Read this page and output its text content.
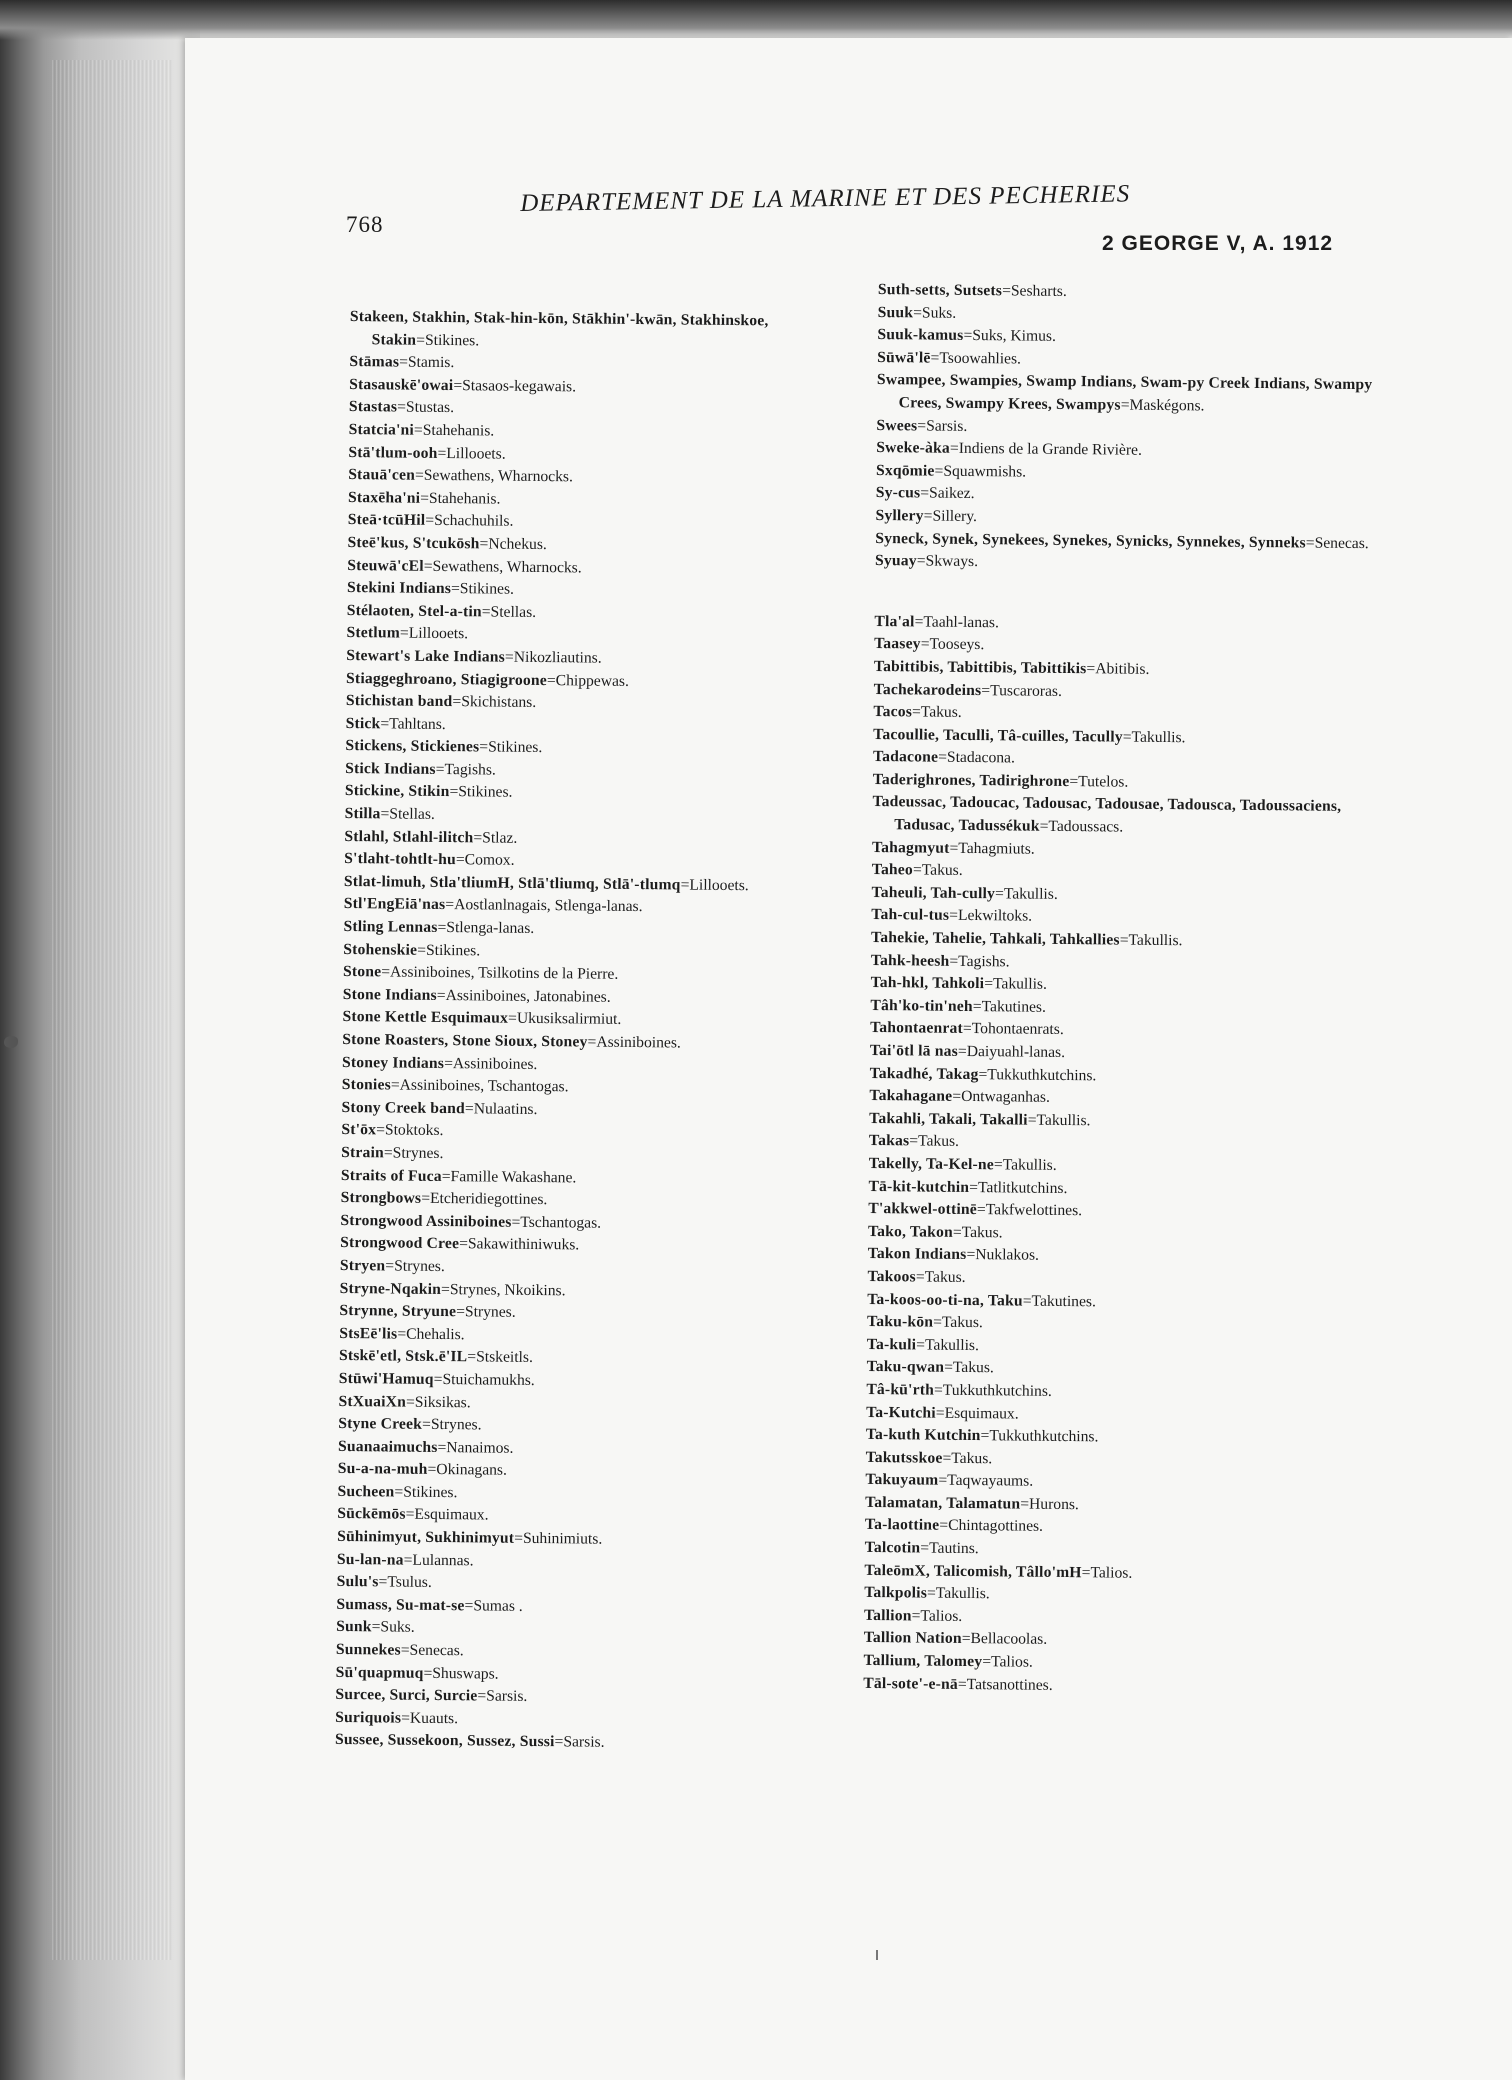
768
DEPARTEMENT DE LA MARINE ET DES PECHERIES
2 GEORGE V, A. 1912
Stakeen, Stakhin, Stak-hin-kōn, Stākhin'-kwān, Stakhinskoe, Stakin=Stikines.
Stāmas=Stamis.
Stasauskē'owai=Stasaos-kegawais.
Stastas=Stustas.
Statcia'ni=Stahehanis.
Stā'tlum-ooh=Lillooets.
Stauā'cen=Sewathens, Wharnocks.
Staxēha'ni=Stahehanis.
Steā·tcūHil=Schachuhils.
Steē'kus, S'tcukōsh=Nchekus.
Steuwā'cEl=Sewathens, Wharnocks.
Stekini Indians=Stikines.
Stélaoten, Stel-a-tin=Stellas.
Stetlum=Lillooets.
Stewart's Lake Indians=Nikozliautins.
Stiaggeghroano, Stiagigroone=Chippewas.
Stichistan band=Skichistans.
Stick=Tahltans.
Stickens, Stickienes=Stikines.
Stick Indians=Tagishs.
Stickine, Stikin=Stikines.
Stilla=Stellas.
Stlahl, Stlahl-ilitch=Stlaz.
S'tlaht-tohtlt-hu=Comox.
Stlat-limuh, Stla'tliumH, Stlā'tliumq, Stlā'-tlumq=Lillooets.
Stl'EngEiā'nas=Aostlanlnagais, Stlenga-lanas.
Stling Lennas=Stlenga-lanas.
Stohenskie=Stikines.
Stone=Assiniboines, Tsilkotins de la Pierre.
Stone Indians=Assiniboines, Jatonabines.
Stone Kettle Esquimaux=Ukusiksalirmiut.
Stone Roasters, Stone Sioux, Stoney=Assiniboines.
Stoney Indians=Assiniboines.
Stonies=Assiniboines, Tschantogas.
Stony Creek band=Nulaatins.
St'ōx=Stoktoks.
Strain=Strynes.
Straits of Fuca=Famille Wakashane.
Strongbows=Etcheridiegottines.
Strongwood Assiniboines=Tschantogas.
Strongwood Cree=Sakawithiniwuks.
Stryen=Strynes.
Stryne-Nqakin=Strynes, Nkoikins.
Strynne, Stryune=Strynes.
StsEē'lis=Chehalis.
Stskē'etl, Stsk.ē'IL=Stskeitls.
Stūwi'Hamuq=Stuichamukhs.
StXuaiXn=Siksikas.
Styne Creek=Strynes.
Suanaaimuchs=Nanaimos.
Su-a-na-muh=Okinagans.
Sucheen=Stikines.
Sūckēmōs=Esquimaux.
Sūhinimyut, Sukhinimyut=Suhinimiuts.
Su-lan-na=Lulannas.
Sulu's=Tsulus.
Sumass, Su-mat-se=Sumas .
Sunk=Suks.
Sunnekes=Senecas.
Sū'quapmuq=Shuswaps.
Surcee, Surci, Surcie=Sarsis.
Suriquois=Kuauts.
Sussee, Sussekoon, Sussez, Sussi=Sarsis.
Suth-setts, Sutsets=Sesharts.
Suuk=Suks.
Suuk-kamus=Suks, Kimus.
Sūwā'lē=Tsoowahlies.
Swampee, Swampies, Swamp Indians, Swam-py Creek Indians, Swampy Crees, Swampy Krees, Swampys=Maskégons.
Swees=Sarsis.
Sweke-àka=Indiens de la Grande Rivière.
Sxqōmie=Squawmishs.
Sy-cus=Saikez.
Syllery=Sillery.
Syneck, Synek, Synekees, Synekes, Synicks, Synnekes, Synneks=Senecas.
Syuay=Skways.
Tla'al=Taahl-lanas.
Taasey=Tooseys.
Tabittibis, Tabittibis, Tabittikis=Abitibis.
Tachekarodeins=Tuscaroras.
Tacos=Takus.
Tacoullie, Taculli, Tâ-cuilles, Tacully=Takullis.
Tadacone=Stadacona.
Taderighrones, Tadirighrone=Tutelos.
Tadeussac, Tadoucac, Tadousac, Tadousae, Tadousca, Tadoussaciens, Tadusac, Tadussékuk=Tadoussacs.
Tahagmyut=Tahagmiuts.
Taheo=Takus.
Taheuli, Tah-cully=Takullis.
Tah-cul-tus=Lekwiltoks.
Tahekie, Tahelie, Tahkali, Tahkallies=Takullis.
Tahk-heesh=Tagishs.
Tah-hkl, Tahkoli=Takullis.
Tâh'ko-tin'neh=Takutines.
Tahontaenrat=Tohontaenrats.
Tai'ōtl lā nas=Daiyuahl-lanas.
Takadhé, Takag=Tukkuthkutchins.
Takahagane=Ontwaganhas.
Takahli, Takali, Takalli=Takullis.
Takas=Takus.
Takelly, Ta-Kel-ne=Takullis.
Tā-kit-kutchin=Tatlitkutchins.
T'akkwel-ottinē=Takfwelottines.
Tako, Takon=Takus.
Takon Indians=Nuklakos.
Takoos=Takus.
Ta-koos-oo-ti-na, Taku=Takutines.
Taku-kōn=Takus.
Ta-kuli=Takullis.
Taku-qwan=Takus.
Tâ-kū'rth=Tukkuthkutchins.
Ta-Kutchi=Esquimaux.
Ta-kuth Kutchin=Tukkuthkutchins.
Takutsskoe=Takus.
Takuyaum=Taqwayaums.
Talamatan, Talamatun=Hurons.
Ta-laottine=Chintagottines.
Talcotin=Tautins.
TaleōmX, Talicomish, Tâllo'mH=Talios.
Talkpolis=Takullis.
Tallion=Talios.
Tallion Nation=Bellacoolas.
Tallium, Talomey=Talios.
Tāl-sote'-e-nā=Tatsanottines.
